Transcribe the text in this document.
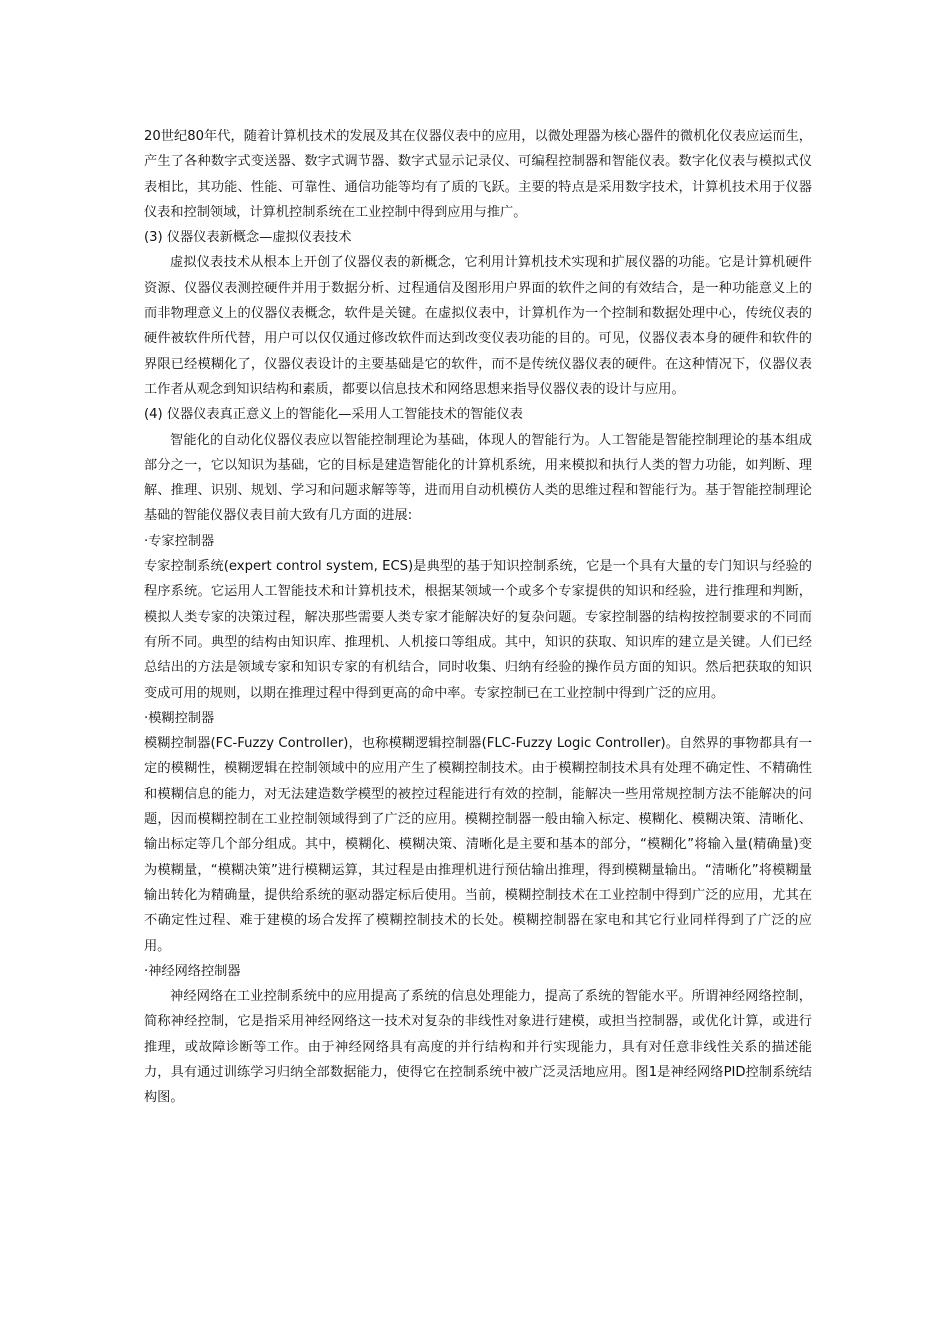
20世纪80年代，随着计算机技术的发展及其在仪器仪表中的应用，以微处理器为核心器件的微机化仪表应运而生，产生了各种数字式变送器、数字式调节器、数字式显示记录仪、可编程控制器和智能仪表。数字化仪表与模拟式仪表相比，其功能、性能、可靠性、通信功能等均有了质的飞跃。主要的特点是采用数字技术，计算机技术用于仪器仪表和控制领域，计算机控制系统在工业控制中得到应用与推广。

(3) 仪器仪表新概念—虚拟仪表技术

虚拟仪表技术从根本上开创了仪器仪表的新概念，它利用计算机技术实现和扩展仪器的功能。它是计算机硬件资源、仪器仪表测控硬件并用于数据分析、过程通信及图形用户界面的软件之间的有效结合，是一种功能意义上的而非物理意义上的仪器仪表概念，软件是关键。在虚拟仪表中，计算机作为一个控制和数据处理中心，传统仪表的硬件被软件所代替，用户可以仅仅通过修改软件而达到改变仪表功能的目的。可见，仪器仪表本身的硬件和软件的界限已经模糊化了，仪器仪表设计的主要基础是它的软件，而不是传统仪器仪表的硬件。在这种情况下，仪器仪表工作者从观念到知识结构和素质，都要以信息技术和网络思想来指导仪器仪表的设计与应用。

(4) 仪器仪表真正意义上的智能化—采用人工智能技术的智能仪表

智能化的自动化仪器仪表应以智能控制理论为基础，体现人的智能行为。人工智能是智能控制理论的基本组成部分之一，它以知识为基础，它的目标是建造智能化的计算机系统，用来模拟和执行人类的智力功能，如判断、理解、推理、识别、规划、学习和问题求解等等，进而用自动机模仿人类的思维过程和智能行为。基于智能控制理论基础的智能仪器仪表目前大致有几方面的进展:

·专家控制器

专家控制系统(expert control system, ECS)是典型的基于知识控制系统，它是一个具有大量的专门知识与经验的程序系统。它运用人工智能技术和计算机技术，根据某领域一个或多个专家提供的知识和经验，进行推理和判断，模拟人类专家的决策过程，解决那些需要人类专家才能解决好的复杂问题。专家控制器的结构按控制要求的不同而有所不同。典型的结构由知识库、推理机、人机接口等组成。其中，知识的获取、知识库的建立是关键。人们已经总结出的方法是领域专家和知识专家的有机结合，同时收集、归纳有经验的操作员方面的知识。然后把获取的知识变成可用的规则，以期在推理过程中得到更高的命中率。专家控制已在工业控制中得到广泛的应用。

·模糊控制器

模糊控制器(FC-Fuzzy Controller)，也称模糊逻辑控制器(FLC-Fuzzy Logic Controller)。自然界的事物都具有一定的模糊性，模糊逻辑在控制领域中的应用产生了模糊控制技术。由于模糊控制技术具有处理不确定性、不精确性和模糊信息的能力，对无法建造数学模型的被控过程能进行有效的控制，能解决一些用常规控制方法不能解决的问题，因而模糊控制在工业控制领域得到了广泛的应用。模糊控制器一般由输入标定、模糊化、模糊决策、清晰化、输出标定等几个部分组成。其中，模糊化、模糊决策、清晰化是主要和基本的部分，“模糊化”将输入量(精确量)变为模糊量，“模糊决策”进行模糊运算，其过程是由推理机进行预估输出推理，得到模糊量输出。“清晰化”将模糊量输出转化为精确量，提供给系统的驱动器定标后使用。当前，模糊控制技术在工业控制中得到广泛的应用，尤其在不确定性过程、难于建模的场合发挥了模糊控制技术的长处。模糊控制器在家电和其它行业同样得到了广泛的应用。

·神经网络控制器

神经网络在工业控制系统中的应用提高了系统的信息处理能力，提高了系统的智能水平。所谓神经网络控制，简称神经控制，它是指采用神经网络这一技术对复杂的非线性对象进行建模，或担当控制器，或优化计算，或进行推理，或故障诊断等工作。由于神经网络具有高度的并行结构和并行实现能力，具有对任意非线性关系的描述能力，具有通过训练学习归纳全部数据能力，使得它在控制系统中被广泛灵活地应用。图1是神经网络PID控制系统结构图。
